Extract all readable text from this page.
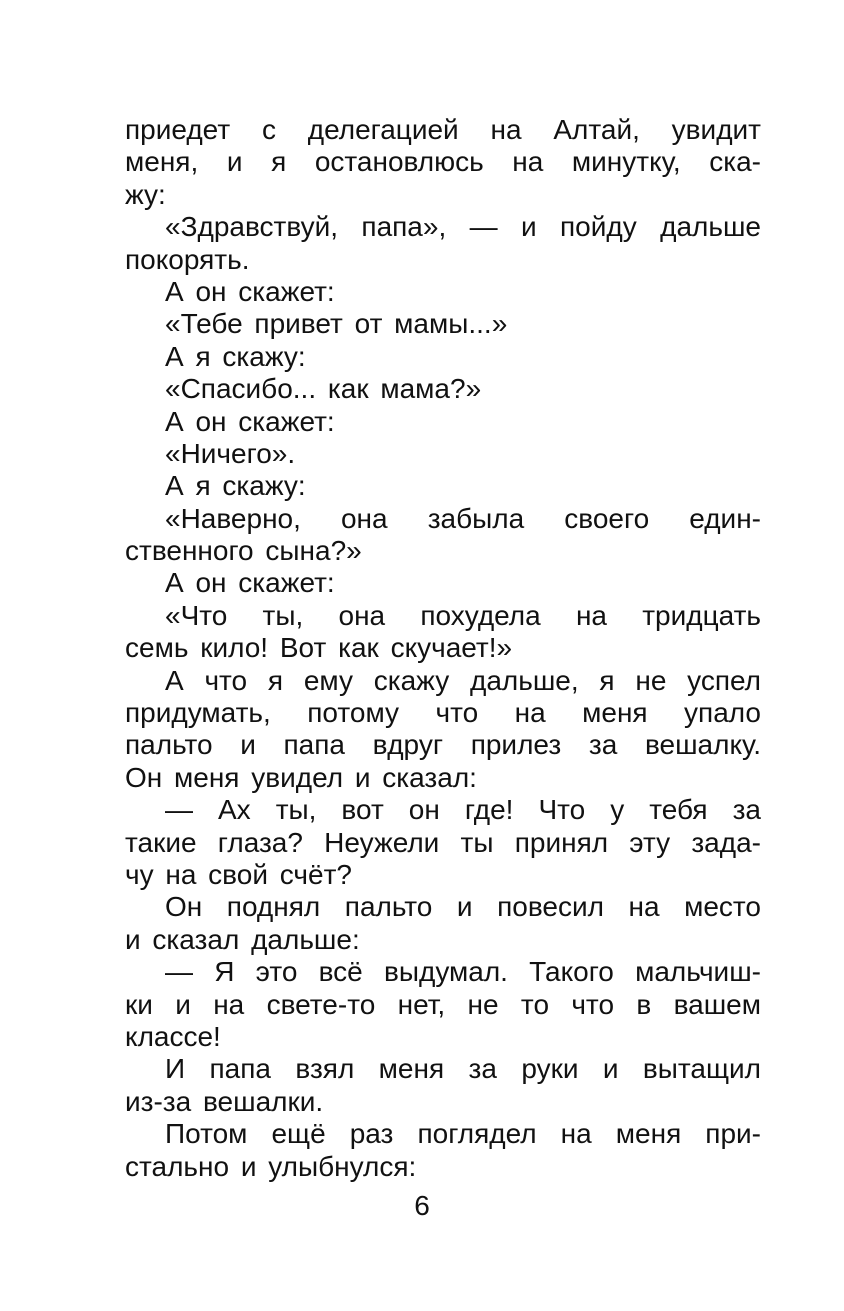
приедет с делегацией на Алтай, увидит
меня, и я остановлюсь на минутку, ска-
жу:
«Здравствуй, папа», — и пойду дальше
покорять.
А он скажет:
«Тебе привет от мамы...»
А я скажу:
«Спасибо... как мама?»
А он скажет:
«Ничего».
А я скажу:
«Наверно, она забыла своего един-
ственного сына?»
А он скажет:
«Что ты, она похудела на тридцать
семь кило! Вот как скучает!»
А что я ему скажу дальше, я не успел
придумать, потому что на меня упало
пальто и папа вдруг прилез за вешалку.
Он меня увидел и сказал:
— Ах ты, вот он где! Что у тебя за
такие глаза? Неужели ты принял эту зада-
чу на свой счёт?
Он поднял пальто и повесил на место
и сказал дальше:
— Я это всё выдумал. Такого мальчиш-
ки и на свете-то нет, не то что в вашем
классе!
И папа взял меня за руки и вытащил
из-за вешалки.
Потом ещё раз поглядел на меня при-
стально и улыбнулся:
6
